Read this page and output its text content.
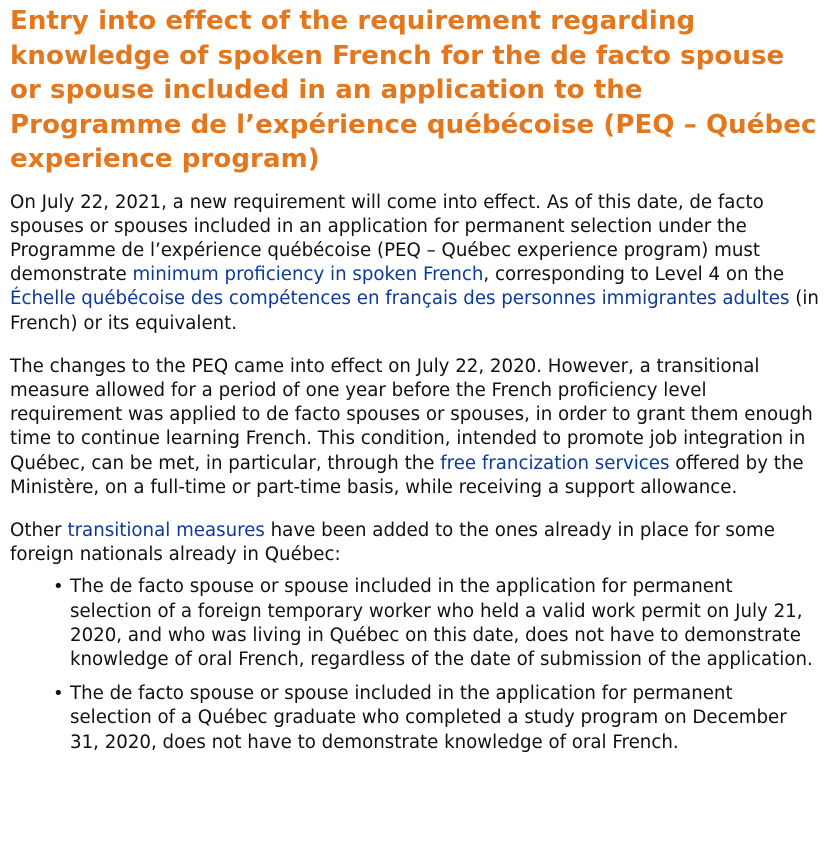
Entry into effect of the requirement regarding knowledge of spoken French for the de facto spouse or spouse included in an application to the Programme de l’expérience québécoise (PEQ – Québec experience program)

On July 22, 2021, a new requirement will come into effect. As of this date, de facto spouses or spouses included in an application for permanent selection under the Programme de l’expérience québécoise (PEQ – Québec experience program) must demonstrate minimum proficiency in spoken French, corresponding to Level 4 on the Échelle québécoise des compétences en français des personnes immigrantes adultes (in French) or its equivalent.

The changes to the PEQ came into effect on July 22, 2020. However, a transitional measure allowed for a period of one year before the French proficiency level requirement was applied to de facto spouses or spouses, in order to grant them enough time to continue learning French. This condition, intended to promote job integration in Québec, can be met, in particular, through the free francization services offered by the Ministère, on a full-time or part-time basis, while receiving a support allowance.

Other transitional measures have been added to the ones already in place for some foreign nationals already in Québec:

• The de facto spouse or spouse included in the application for permanent selection of a foreign temporary worker who held a valid work permit on July 21, 2020, and who was living in Québec on this date, does not have to demonstrate knowledge of oral French, regardless of the date of submission of the application.
• The de facto spouse or spouse included in the application for permanent selection of a Québec graduate who completed a study program on December 31, 2020, does not have to demonstrate knowledge of oral French.
